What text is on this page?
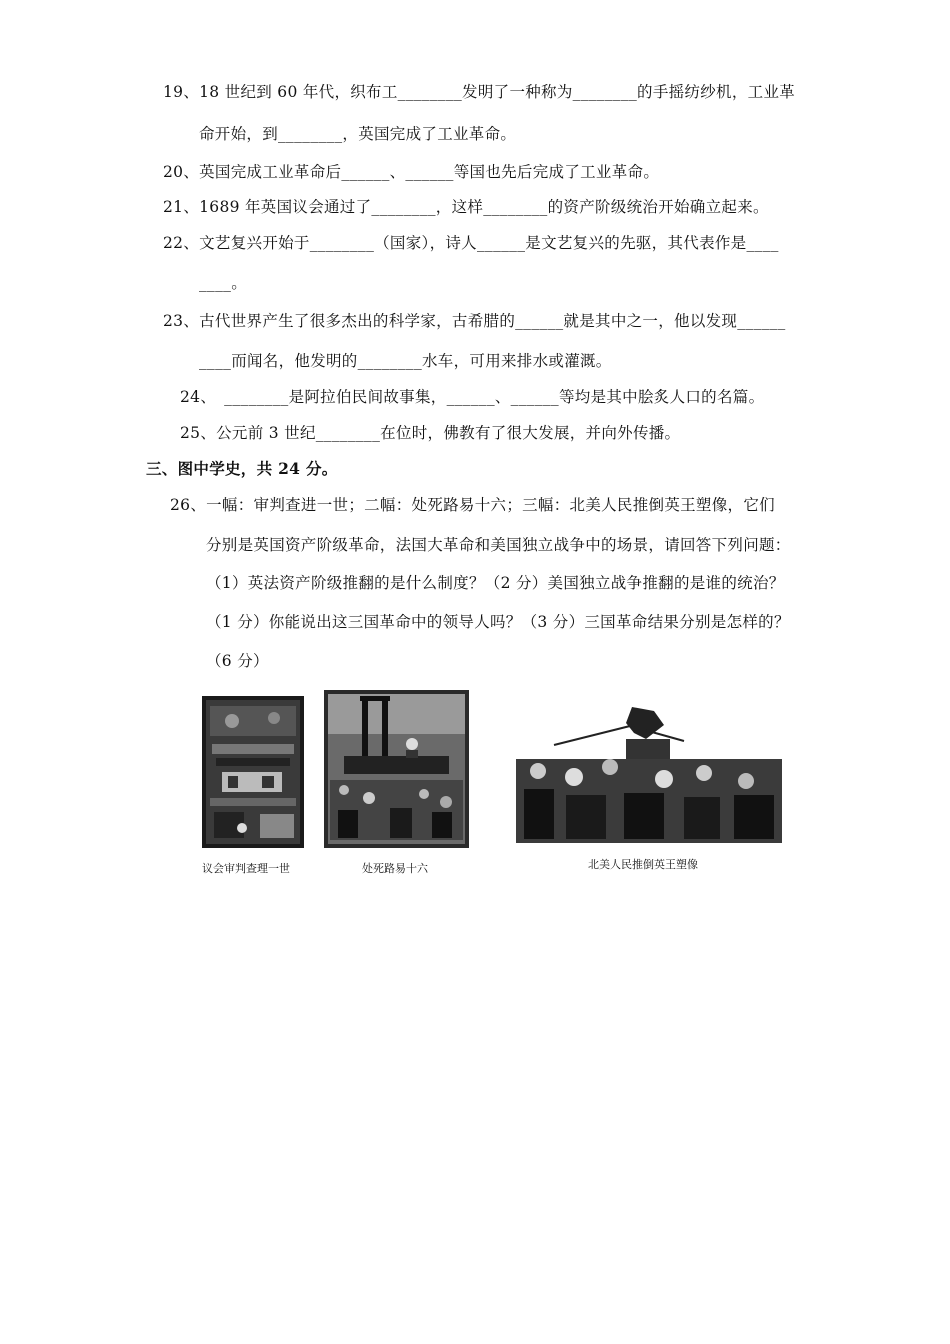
19、18 世纪到 60 年代，织布工________发明了一种称为________的手摇纺纱机，工业革
命开始，到________，英国完成了工业革命。
20、英国完成工业革命后______、______等国也先后完成了工业革命。
21、1689 年英国议会通过了________，这样________的资产阶级统治开始确立起来。
22、文艺复兴开始于________（国家），诗人______是文艺复兴的先驱，其代表作是____
____。
23、古代世界产生了很多杰出的科学家，古希腊的______就是其中之一，他以发现______
____而闻名，他发明的________水车，可用来排水或灌溉。
24、　________是阿拉伯民间故事集，______、______等均是其中脍炙人口的名篇。
25、公元前 3 世纪________在位时，佛教有了很大发展，并向外传播。
三、图中学史，共 24 分。
26、一幅：审判查进一世；二幅：处死路易十六；三幅：北美人民推倒英王塑像，它们
分别是英国资产阶级革命，法国大革命和美国独立战争中的场景，请回答下列问题：
（1）英法资产阶级推翻的是什么制度？（2 分）美国独立战争推翻的是谁的统治？
（1 分）你能说出这三国革命中的领导人吗？（3 分）三国革命结果分别是怎样的？
（6 分）
议会审判查理一世	处死路易十六	北美人民推倒英王塑像
